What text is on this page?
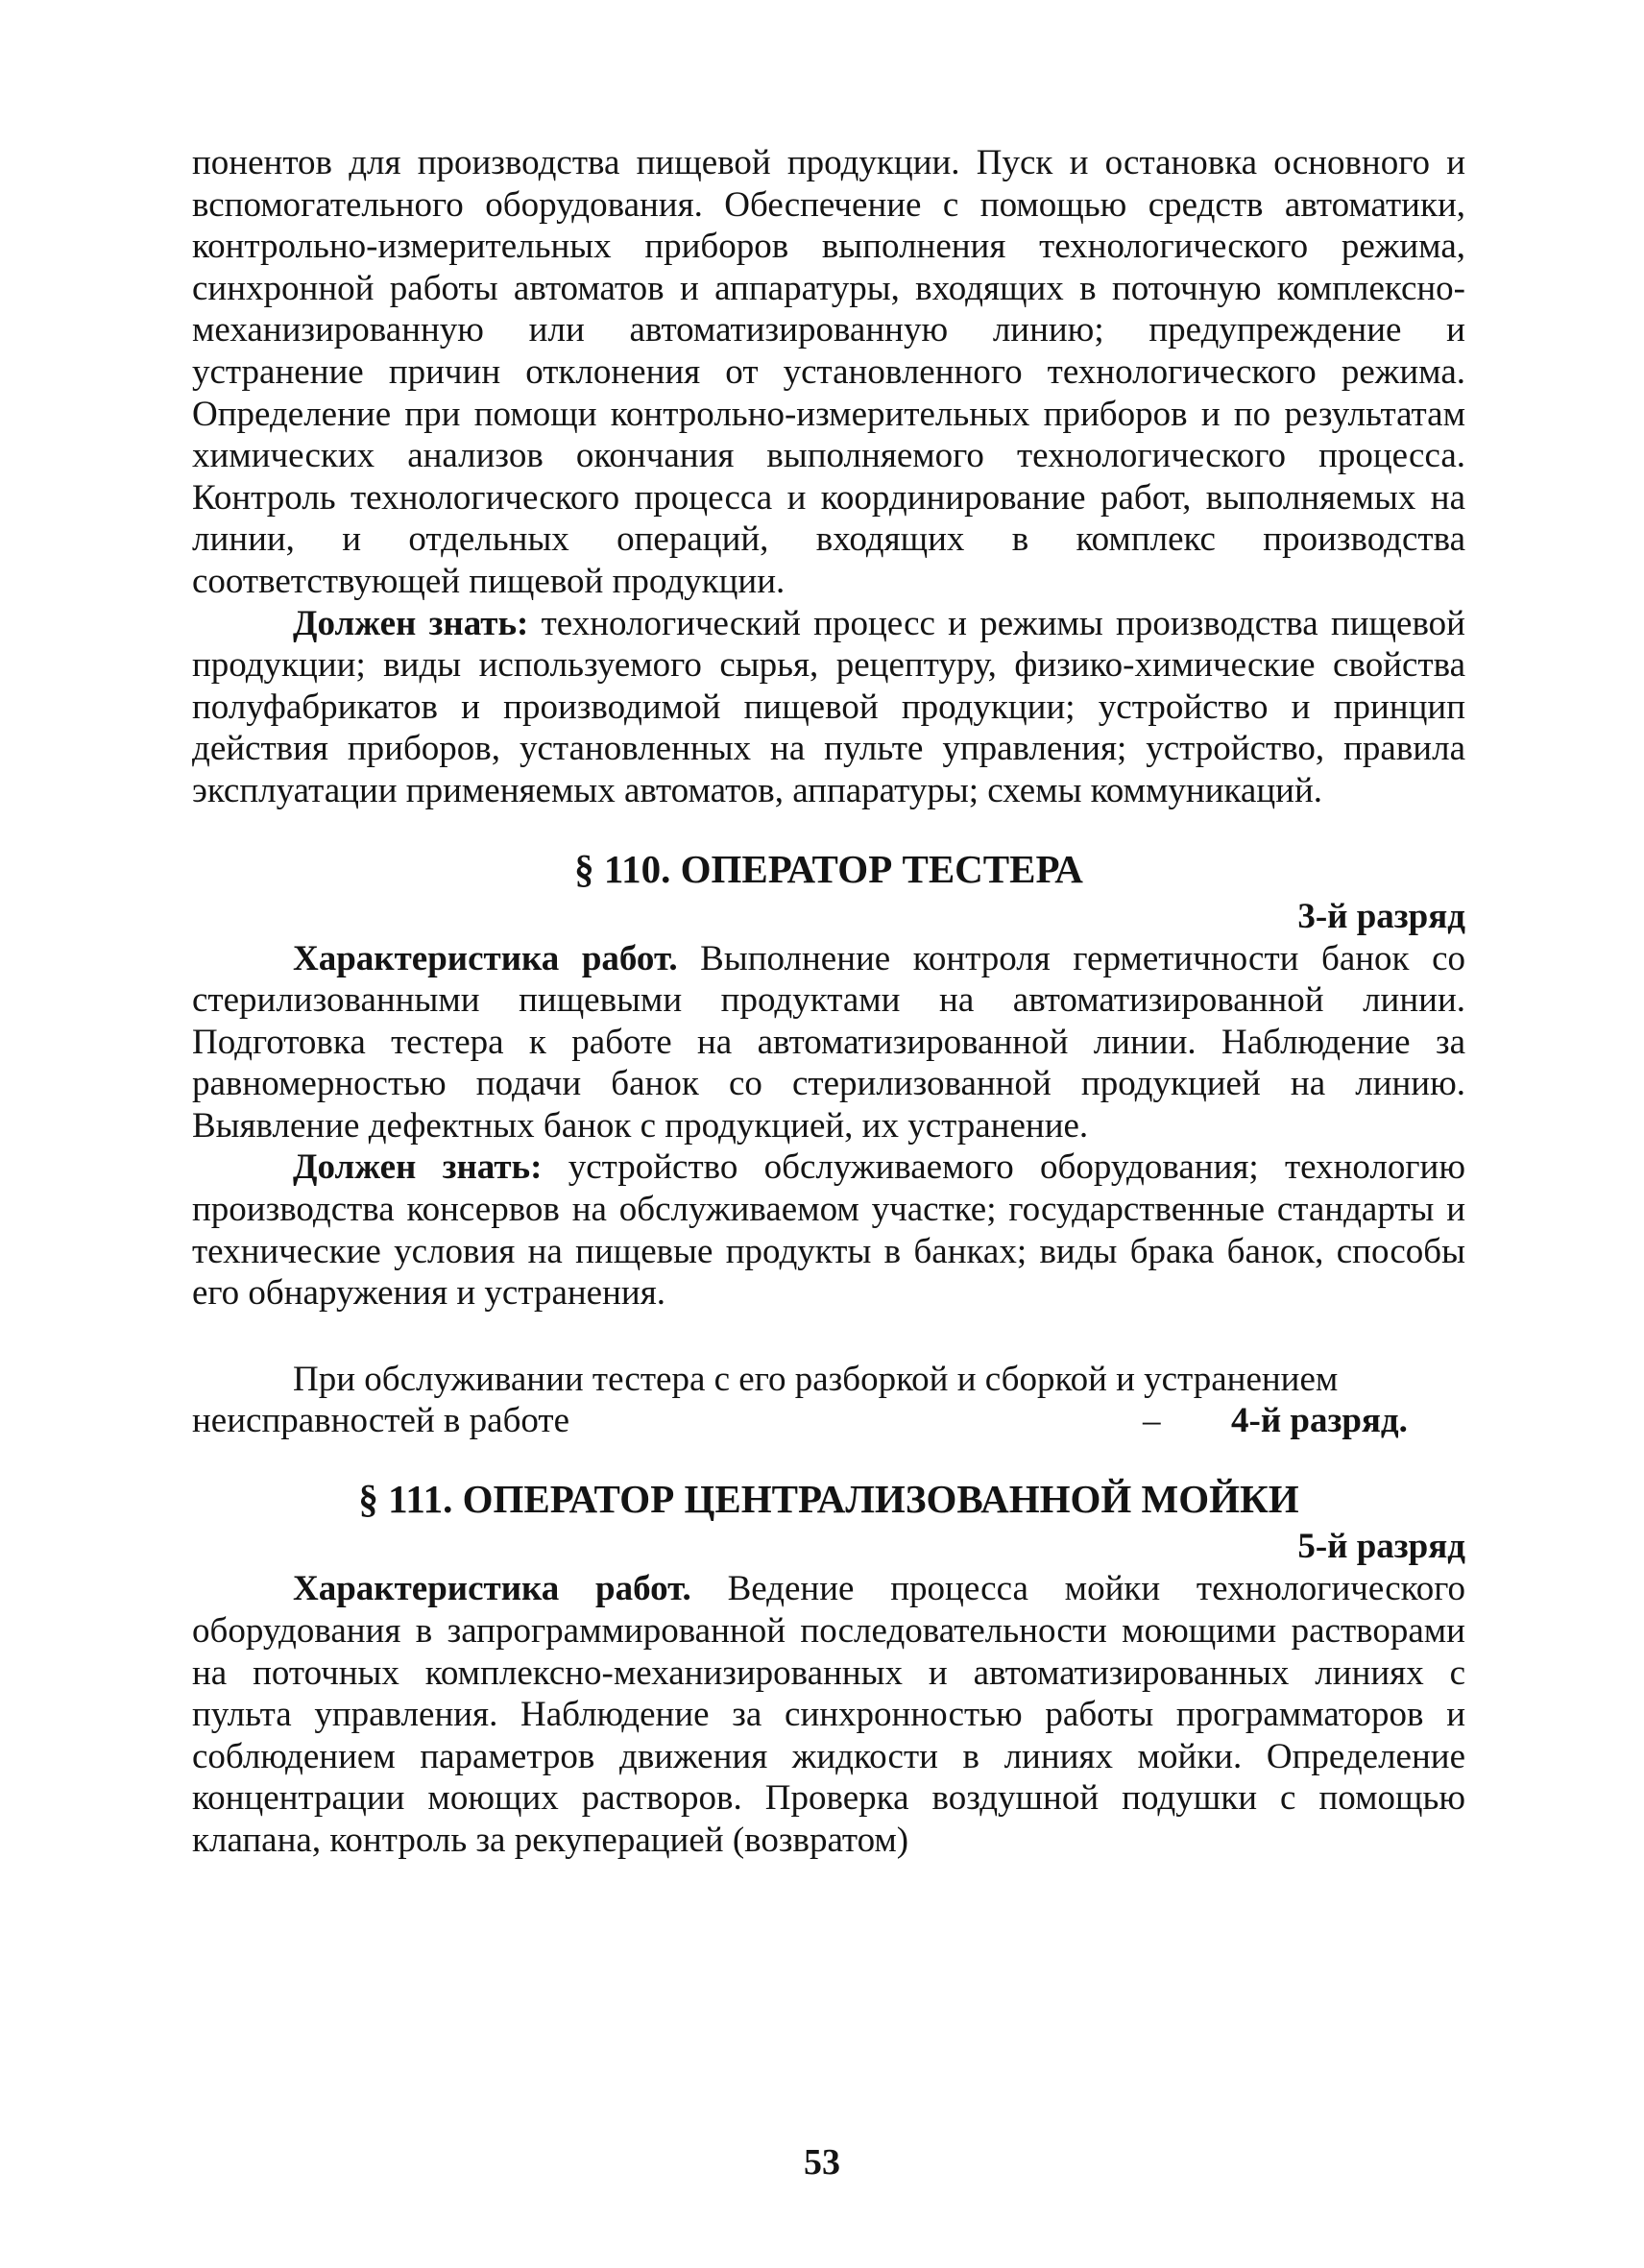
понентов для производства пищевой продукции. Пуск и остановка основного и вспомогательного оборудования. Обеспечение с помощью средств автоматики, контрольно-измерительных приборов выполнения технологического режима, синхронной работы автоматов и аппаратуры, входящих в поточную комплексно-механизированную или автоматизированную линию; предупреждение и устранение причин отклонения от установленного технологического режима. Определение при помощи контрольно-измерительных приборов и по результатам химических анализов окончания выполняемого технологического процесса. Контроль технологического процесса и координирование работ, выполняемых на линии, и отдельных операций, входящих в комплекс производства соответствующей пищевой продукции.

Должен знать: технологический процесс и режимы производства пищевой продукции; виды используемого сырья, рецептуру, физико-химические свойства полуфабрикатов и производимой пищевой продукции; устройство и принцип действия приборов, установленных на пульте управления; устройство, правила эксплуатации применяемых автоматов, аппаратуры; схемы коммуникаций.

§ 110. ОПЕРАТОР ТЕСТЕРА
3-й разряд

Характеристика работ. Выполнение контроля герметичности банок со стерилизованными пищевыми продуктами на автоматизированной линии. Подготовка тестера к работе на автоматизированной линии. Наблюдение за равномерностью подачи банок со стерилизованной продукцией на линию. Выявление дефектных банок с продукцией, их устранение.

Должен знать: устройство обслуживаемого оборудования; технологию производства консервов на обслуживаемом участке; государственные стандарты и технические условия на пищевые продукты в банках; виды брака банок, способы его обнаружения и устранения.

При обслуживании тестера с его разборкой и сборкой и устранением

неисправностей в работе	– 4-й разряд.
§ 111. ОПЕРАТОР ЦЕНТРАЛИЗОВАННОЙ МОЙКИ
5-й разряд

Характеристика работ. Ведение процесса мойки технологического оборудования в запрограммированной последовательности моющими растворами на поточных комплексно-механизированных и автоматизированных линиях с пульта управления. Наблюдение за синхронностью работы программаторов и соблюдением параметров движения жидкости в линиях мойки. Определение концентрации моющих растворов. Проверка воздушной подушки с помощью клапана, контроль за рекуперацией (возвратом)

53
